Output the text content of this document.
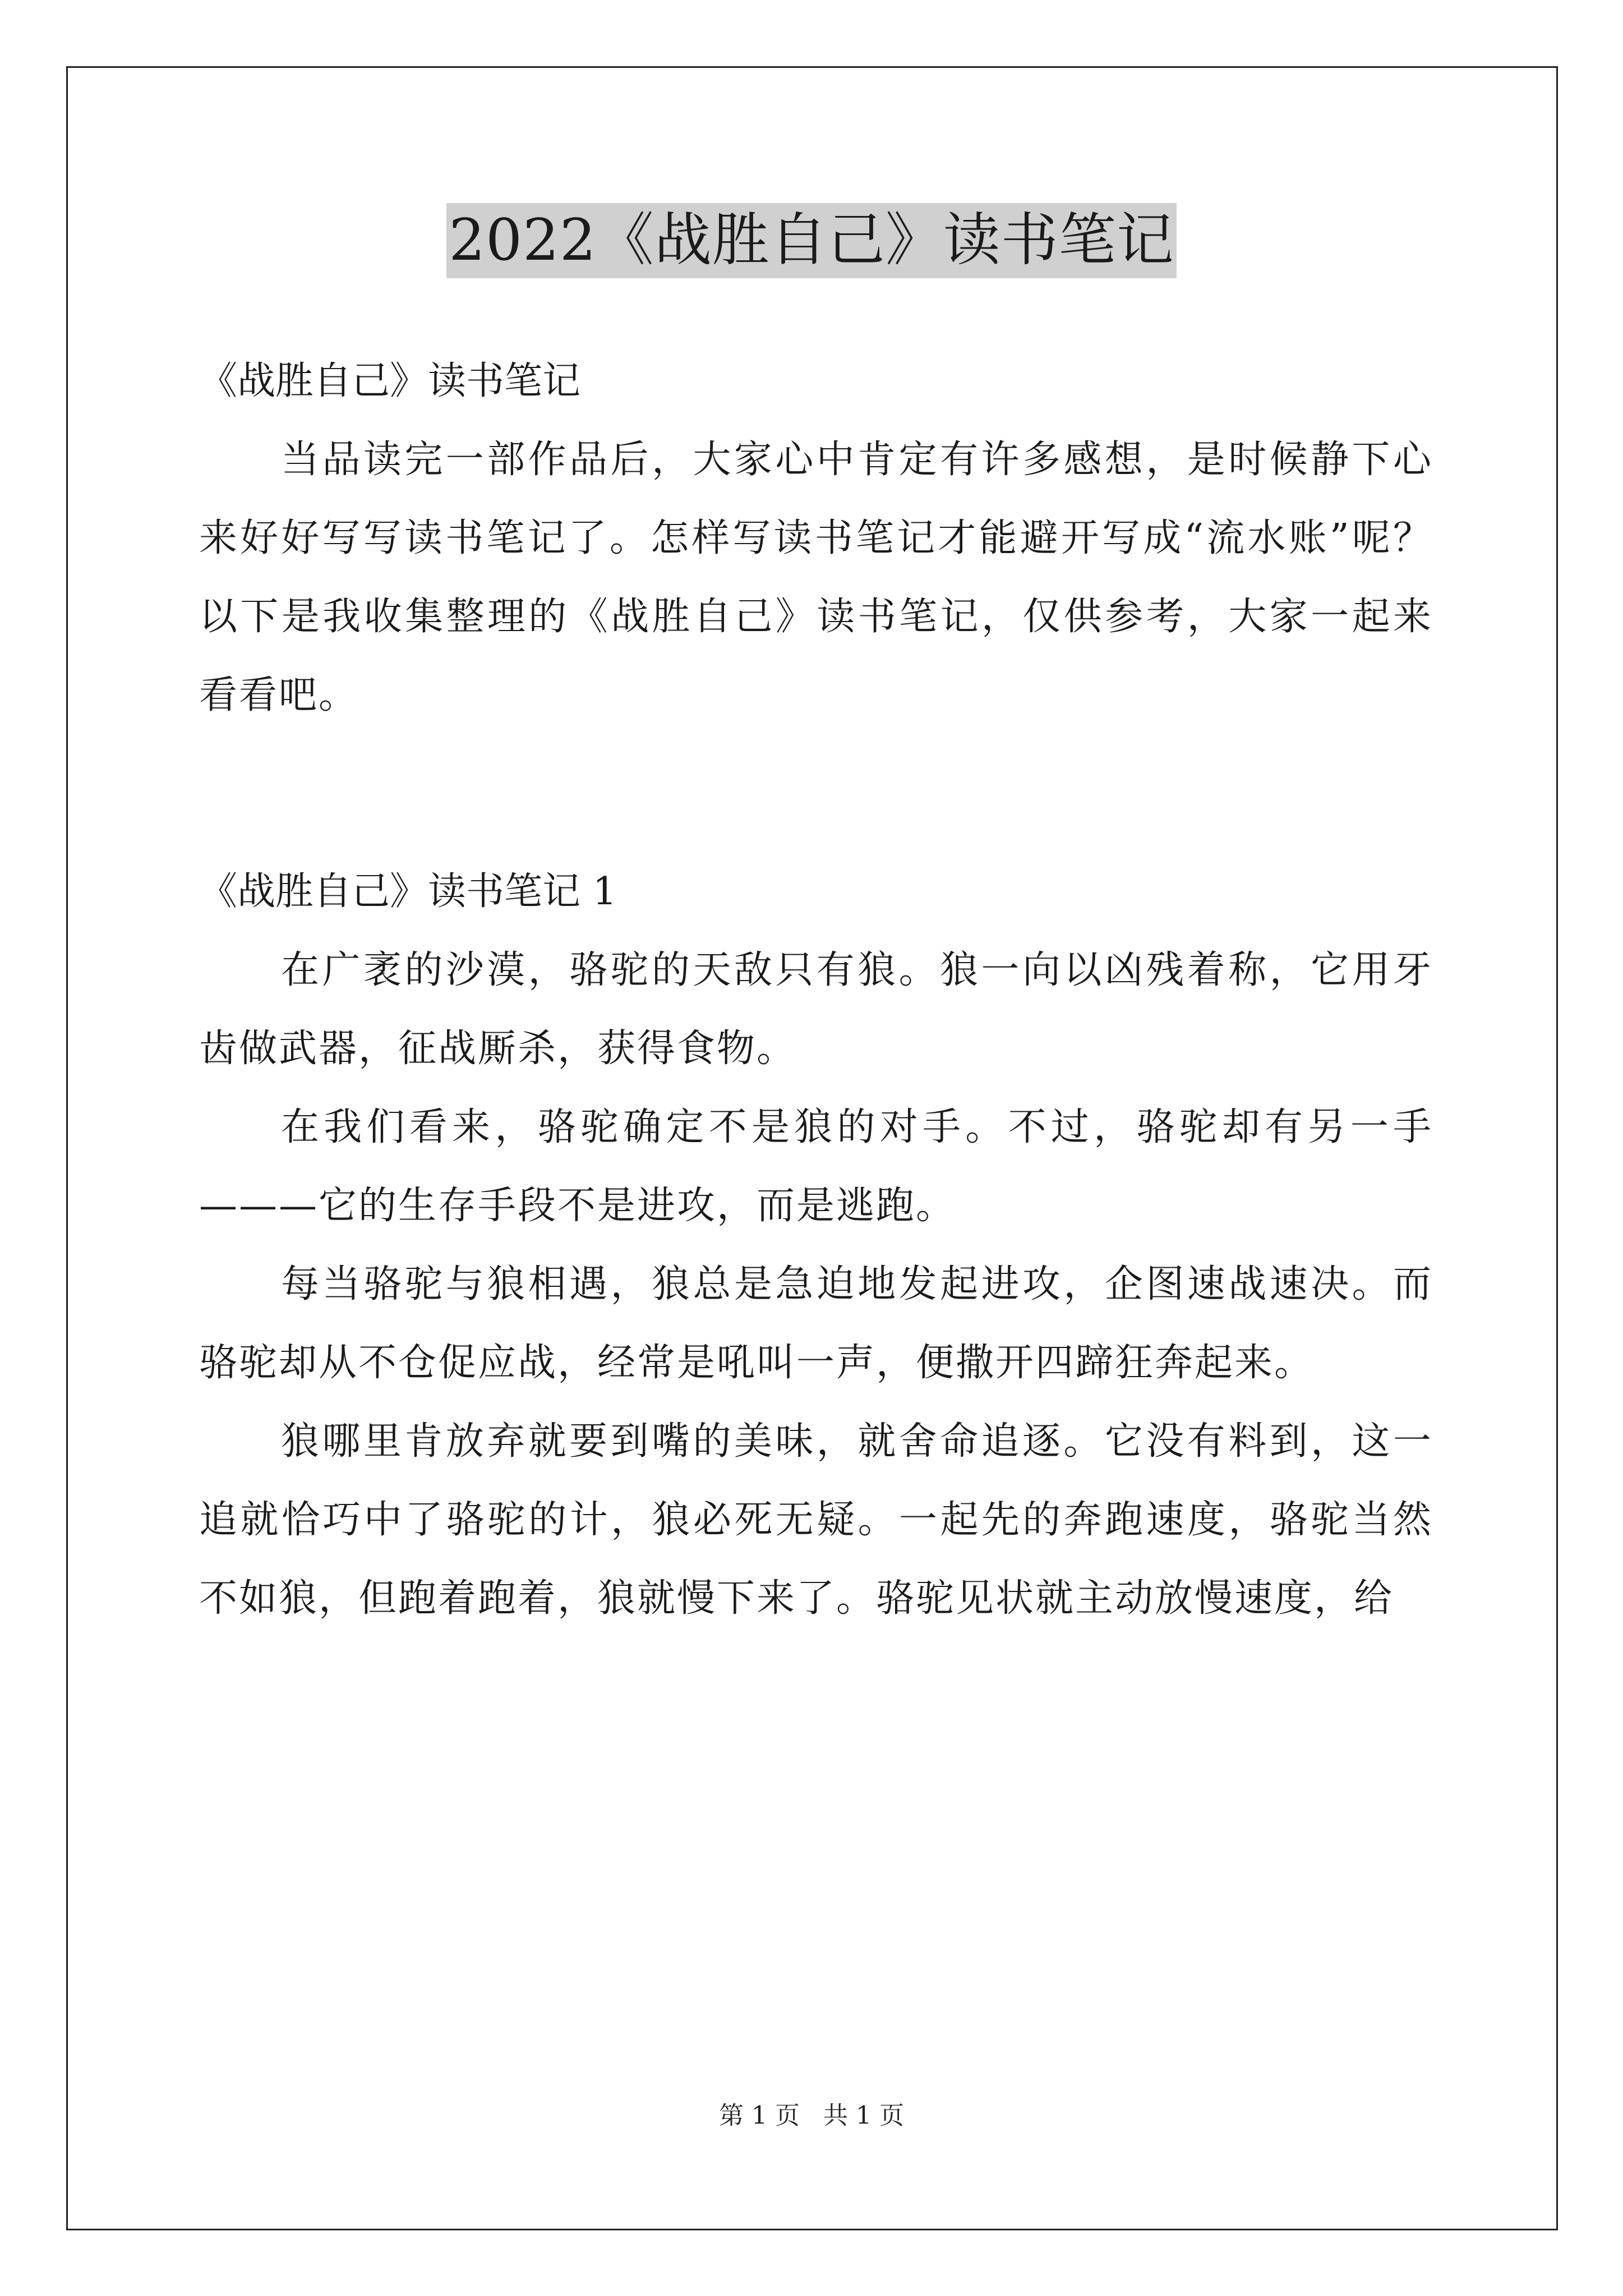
2022《战胜自己》读书笔记

《战胜自己》读书笔记

当品读完一部作品后，大家心中肯定有许多感想，是时候静下心来好好写写读书笔记了。怎样写读书笔记才能避开写成“流水账”呢？以下是我收集整理的《战胜自己》读书笔记，仅供参考，大家一起来看看吧。

《战胜自己》读书笔记 1

在广袤的沙漠，骆驼的天敌只有狼。狼一向以凶残着称，它用牙齿做武器，征战厮杀，获得食物。

在我们看来，骆驼确定不是狼的对手。不过，骆驼却有另一手———它的生存手段不是进攻，而是逃跑。

每当骆驼与狼相遇，狼总是急迫地发起进攻，企图速战速决。而骆驼却从不仓促应战，经常是吼叫一声，便撒开四蹄狂奔起来。

狼哪里肯放弃就要到嘴的美味，就舍命追逐。它没有料到，这一追就恰巧中了骆驼的计，狼必死无疑。一起先的奔跑速度，骆驼当然不如狼，但跑着跑着，狼就慢下来了。骆驼见状就主动放慢速度，给

第 1 页 共 1 页
